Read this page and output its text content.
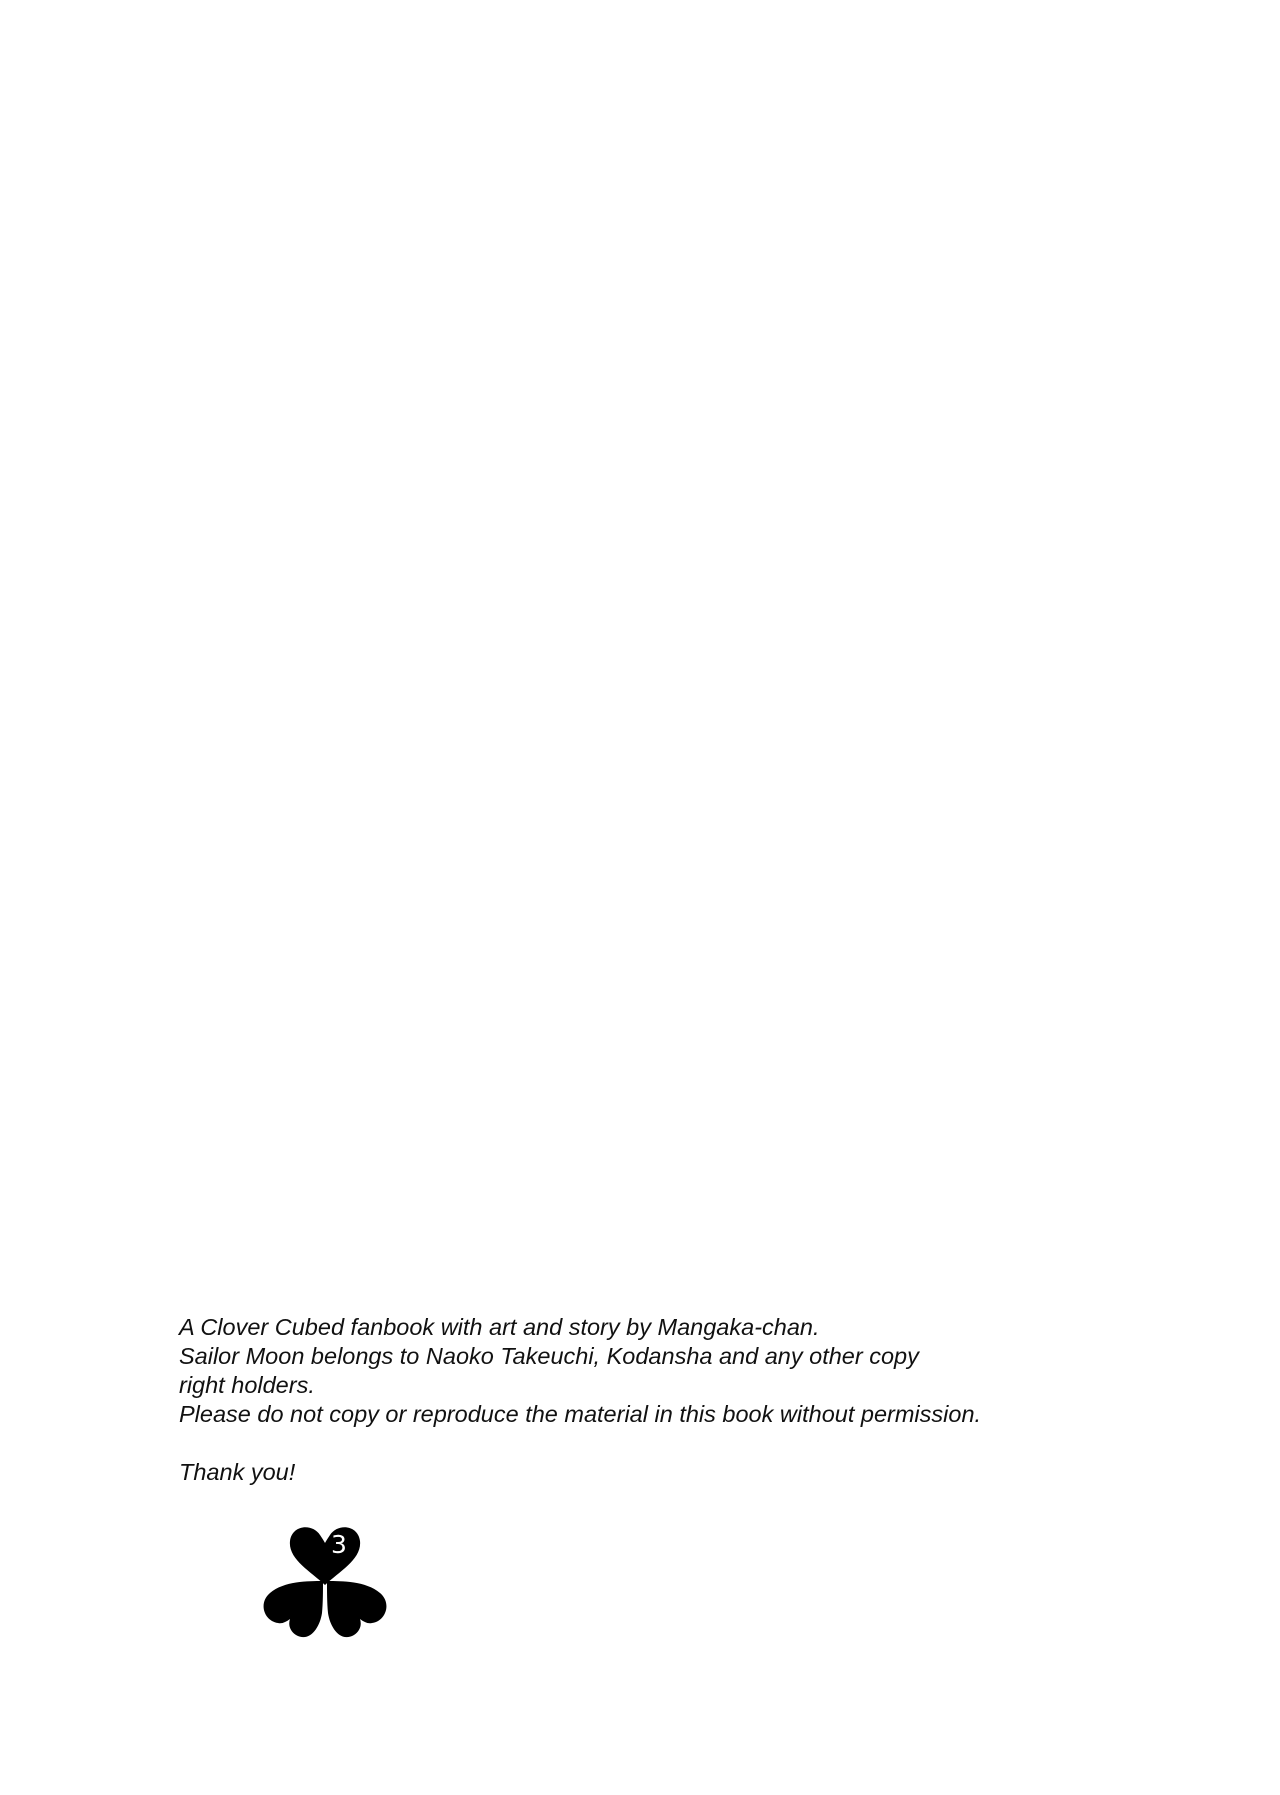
A Clover Cubed fanbook with art and story by Mangaka-chan.
Sailor Moon belongs to Naoko Takeuchi, Kodansha and any other copy
right holders.
Please do not copy or reproduce the material in this book without permission.
Thank you!
3
